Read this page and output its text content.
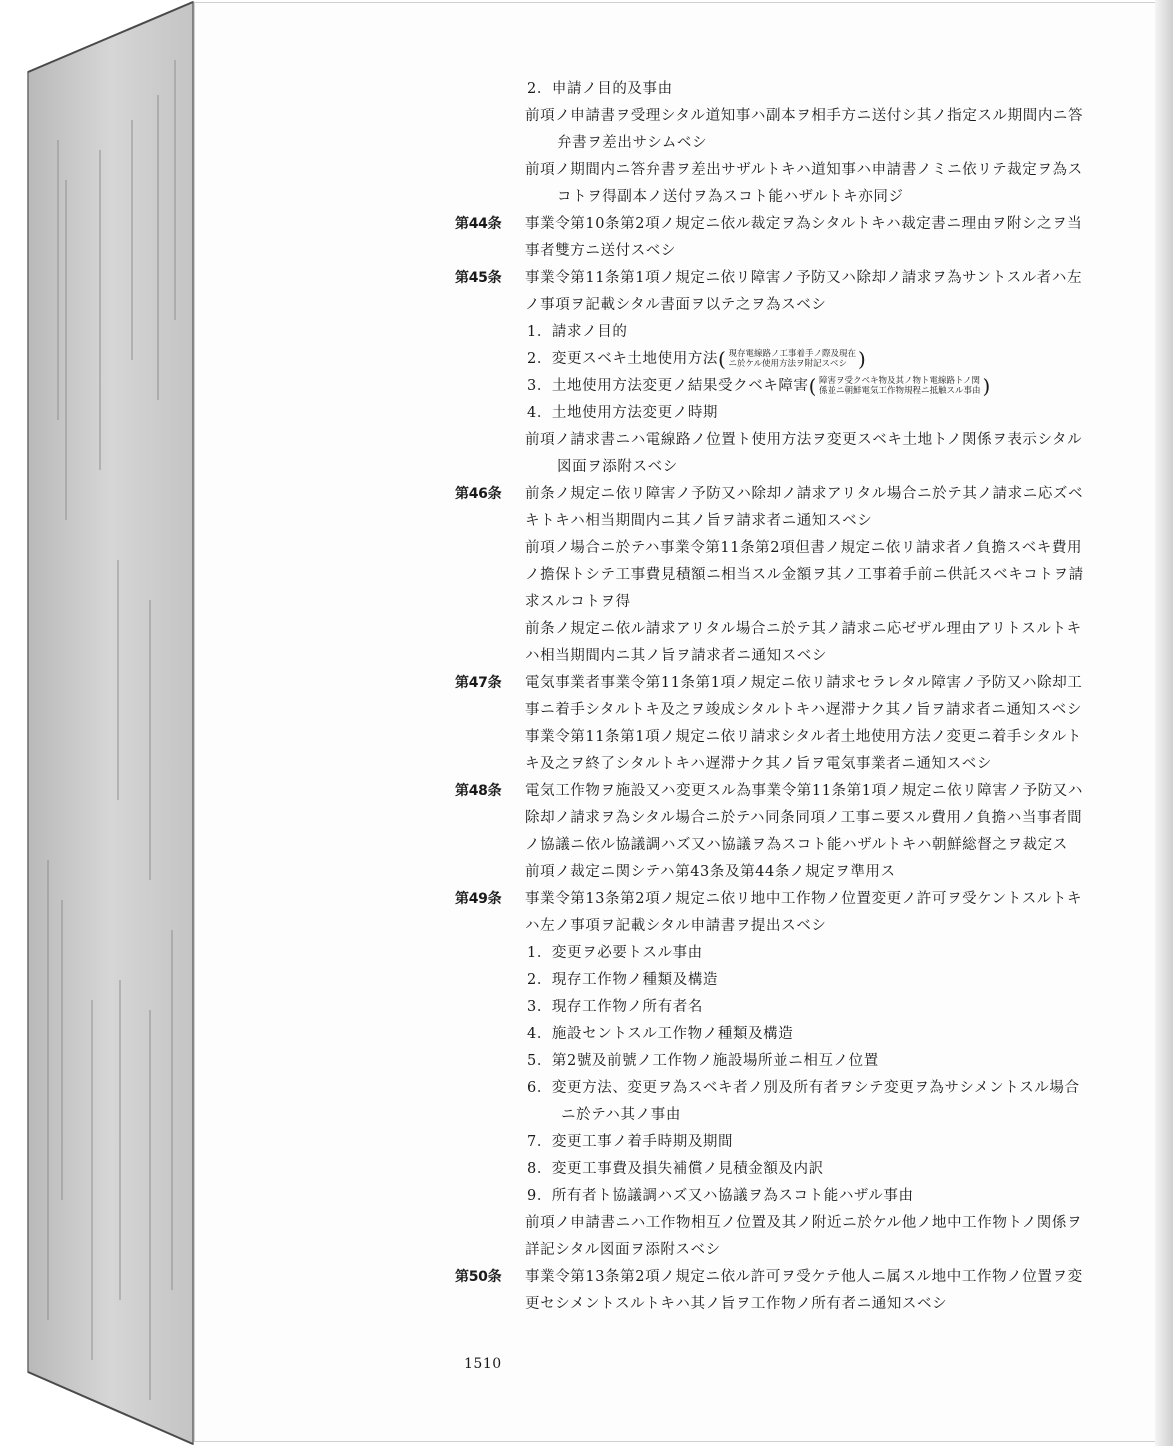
2．申請ノ目的及事由
前項ノ申請書ヲ受理シタル道知事ハ副本ヲ相手方ニ送付シ其ノ指定スル期間内ニ答
弁書ヲ差出サシムベシ
前項ノ期間内ニ答弁書ヲ差出サザルトキハ道知事ハ申請書ノミニ依リテ裁定ヲ為ス
コトヲ得副本ノ送付ヲ為スコト能ハザルトキ亦同ジ
第44条 事業令第10条第2項ノ規定ニ依ル裁定ヲ為シタルトキハ裁定書ニ理由ヲ附シ之ヲ当
事者雙方ニ送付スベシ
第45条 事業令第11条第1項ノ規定ニ依リ障害ノ予防又ハ除却ノ請求ヲ為サントスル者ハ左
ノ事項ヲ記載シタル書面ヲ以テ之ヲ為スベシ
1．請求ノ目的
2．変更スベキ土地使用方法( 現存電線路ノ工事着手ノ際及現在
ニ於ケル使用方法ヲ附記スベシ )
3．土地使用方法変更ノ結果受クベキ障害( 障害ヲ受クベキ物及其ノ物ト電線路トノ関
係並ニ朝鮮電気工作物規程ニ抵触スル事由 )
4．土地使用方法変更ノ時期
前項ノ請求書ニハ電線路ノ位置ト使用方法ヲ変更スベキ土地トノ関係ヲ表示シタル
図面ヲ添附スベシ
第46条 前条ノ規定ニ依リ障害ノ予防又ハ除却ノ請求アリタル場合ニ於テ其ノ請求ニ応ズベ
キトキハ相当期間内ニ其ノ旨ヲ請求者ニ通知スベシ
前項ノ場合ニ於テハ事業令第11条第2項但書ノ規定ニ依リ請求者ノ負擔スベキ費用
ノ擔保トシテ工事費見積額ニ相当スル金額ヲ其ノ工事着手前ニ供託スベキコトヲ請
求スルコトヲ得
前条ノ規定ニ依ル請求アリタル場合ニ於テ其ノ請求ニ応ゼザル理由アリトスルトキ
ハ相当期間内ニ其ノ旨ヲ請求者ニ通知スベシ
第47条 電気事業者事業令第11条第1項ノ規定ニ依リ請求セラレタル障害ノ予防又ハ除却工
事ニ着手シタルトキ及之ヲ竣成シタルトキハ遅滞ナク其ノ旨ヲ請求者ニ通知スベシ
事業令第11条第1項ノ規定ニ依リ請求シタル者土地使用方法ノ変更ニ着手シタルト
キ及之ヲ終了シタルトキハ遅滞ナク其ノ旨ヲ電気事業者ニ通知スベシ
第48条 電気工作物ヲ施設又ハ変更スル為事業令第11条第1項ノ規定ニ依リ障害ノ予防又ハ
除却ノ請求ヲ為シタル場合ニ於テハ同条同項ノ工事ニ要スル費用ノ負擔ハ当事者間
ノ協議ニ依ル協議調ハズ又ハ協議ヲ為スコト能ハザルトキハ朝鮮総督之ヲ裁定ス
前項ノ裁定ニ関シテハ第43条及第44条ノ規定ヲ準用ス
第49条 事業令第13条第2項ノ規定ニ依リ地中工作物ノ位置変更ノ許可ヲ受ケントスルトキ
ハ左ノ事項ヲ記載シタル申請書ヲ提出スベシ
1．変更ヲ必要トスル事由
2．現存工作物ノ種類及構造
3．現存工作物ノ所有者名
4．施設セントスル工作物ノ種類及構造
5．第2號及前號ノ工作物ノ施設場所並ニ相互ノ位置
6．変更方法、変更ヲ為スベキ者ノ別及所有者ヲシテ変更ヲ為サシメントスル場合
ニ於テハ其ノ事由
7．変更工事ノ着手時期及期間
8．変更工事費及損失補償ノ見積金額及内訳
9．所有者ト協議調ハズ又ハ協議ヲ為スコト能ハザル事由
前項ノ申請書ニハ工作物相互ノ位置及其ノ附近ニ於ケル他ノ地中工作物トノ関係ヲ
詳記シタル図面ヲ添附スベシ
第50条 事業令第13条第2項ノ規定ニ依ル許可ヲ受ケテ他人ニ属スル地中工作物ノ位置ヲ変
更セシメントスルトキハ其ノ旨ヲ工作物ノ所有者ニ通知スベシ
1510
